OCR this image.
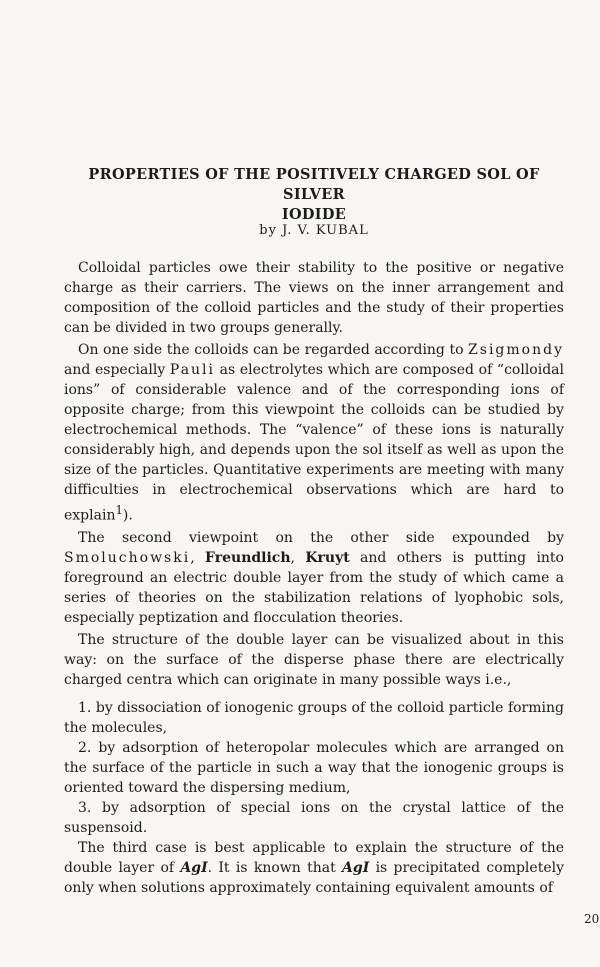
PROPERTIES OF THE POSITIVELY CHARGED SOL OF SILVER
IODIDE
by J. V. KUBAL

Colloidal particles owe their stability to the positive or negative charge as their carriers. The views on the inner arrangement and composition of the colloid particles and the study of their properties can be divided in two groups generally.

On one side the colloids can be regarded according to Zsigmondy and especially Pauli as electrolytes which are composed of “colloidal ions” of considerable valence and of the corresponding ions of opposite charge; from this viewpoint the colloids can be studied by electrochemical methods. The “valence” of these ions is naturally considerably high, and depends upon the sol itself as well as upon the size of the particles. Quantitative experiments are meeting with many difficulties in electrochemical observations which are hard to explain$^1$).

The second viewpoint on the other side expounded by Smoluchowski, Freundlich, Kruyt and others is putting into foreground an electric double layer from the study of which came a series of theories on the stabilization relations of lyophobic sols, especially peptization and flocculation theories.

The structure of the double layer can be visualized about in this way: on the surface of the disperse phase there are electrically charged centra which can originate in many possible ways i.e.,

1. by dissociation of ionogenic groups of the colloid particle forming the molecules,

2. by adsorption of heteropolar molecules which are arranged on the surface of the particle in such a way that the ionogenic groups is oriented toward the dispersing medium,

3. by adsorption of special ions on the crystal lattice of the suspensoid.

The third case is best applicable to explain the structure of the double layer of AgI. It is known that AgI is precipitated completely only when solutions approximately containing equivalent amounts of

20
